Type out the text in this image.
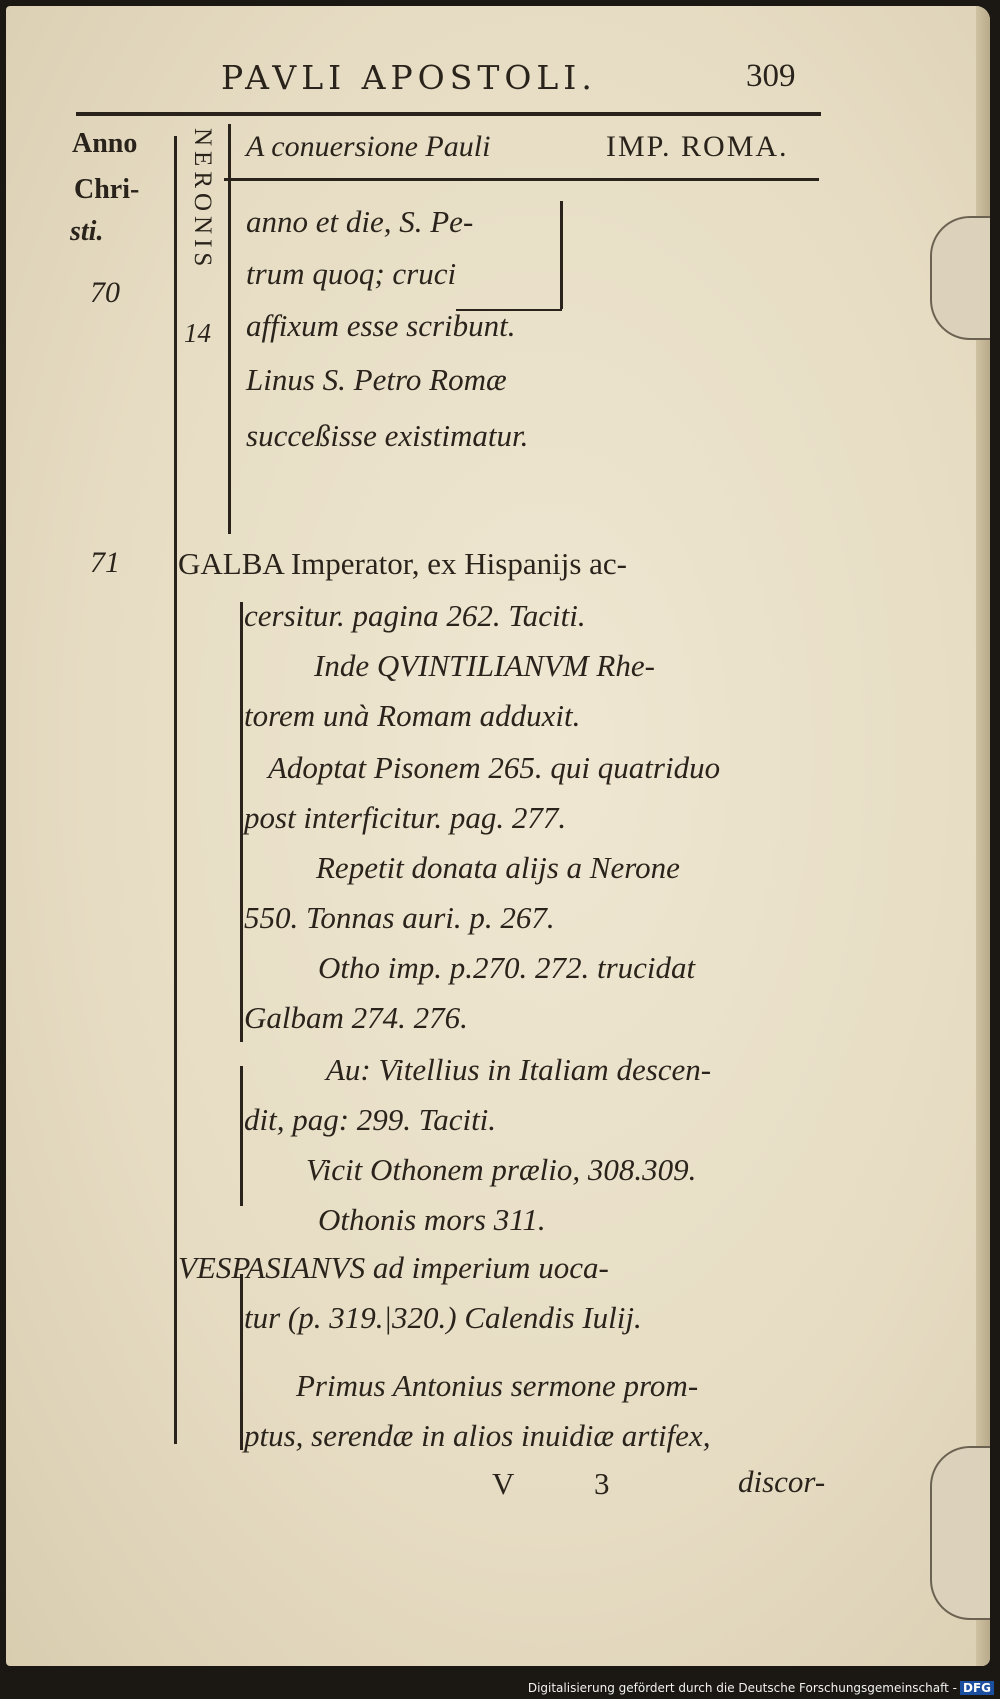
PAVLI APOSTOLI.	309
Anno
Chri-
sti.
70
71
NERONIS
14
A conuersione Pauli	IMP. ROMA.
anno et die, S. Pe-
trum quoq; cruci
affixum esse scribunt.
Linus S. Petro Romæ
succeßisse existimatur.
GALBA Imperator, ex Hispanijs ac-
cersitur. pagina 262. Taciti.
Inde QVINTILIANVM Rhe-
torem unà Romam adduxit.
Adoptat Pisonem 265. qui quatriduo
post interficitur. pag. 277.
Repetit donata alijs a Nerone
550. Tonnas auri. p. 267.
Otho imp. p.270. 272. trucidat
Galbam 274. 276.
Au: Vitellius in Italiam descen-
dit, pag: 299. Taciti.
Vicit Othonem prælio, 308.309.
Othonis mors 311.
VESPASIANVS ad imperium uoca-
tur (p. 319.|320.) Calendis Iulij.
Primus Antonius sermone prom-
ptus, serendæ in alios inuidiæ artifex,
V	3	discor-
Digitalisierung gefördert durch die Deutsche Forschungsgemeinschaft - DFG
